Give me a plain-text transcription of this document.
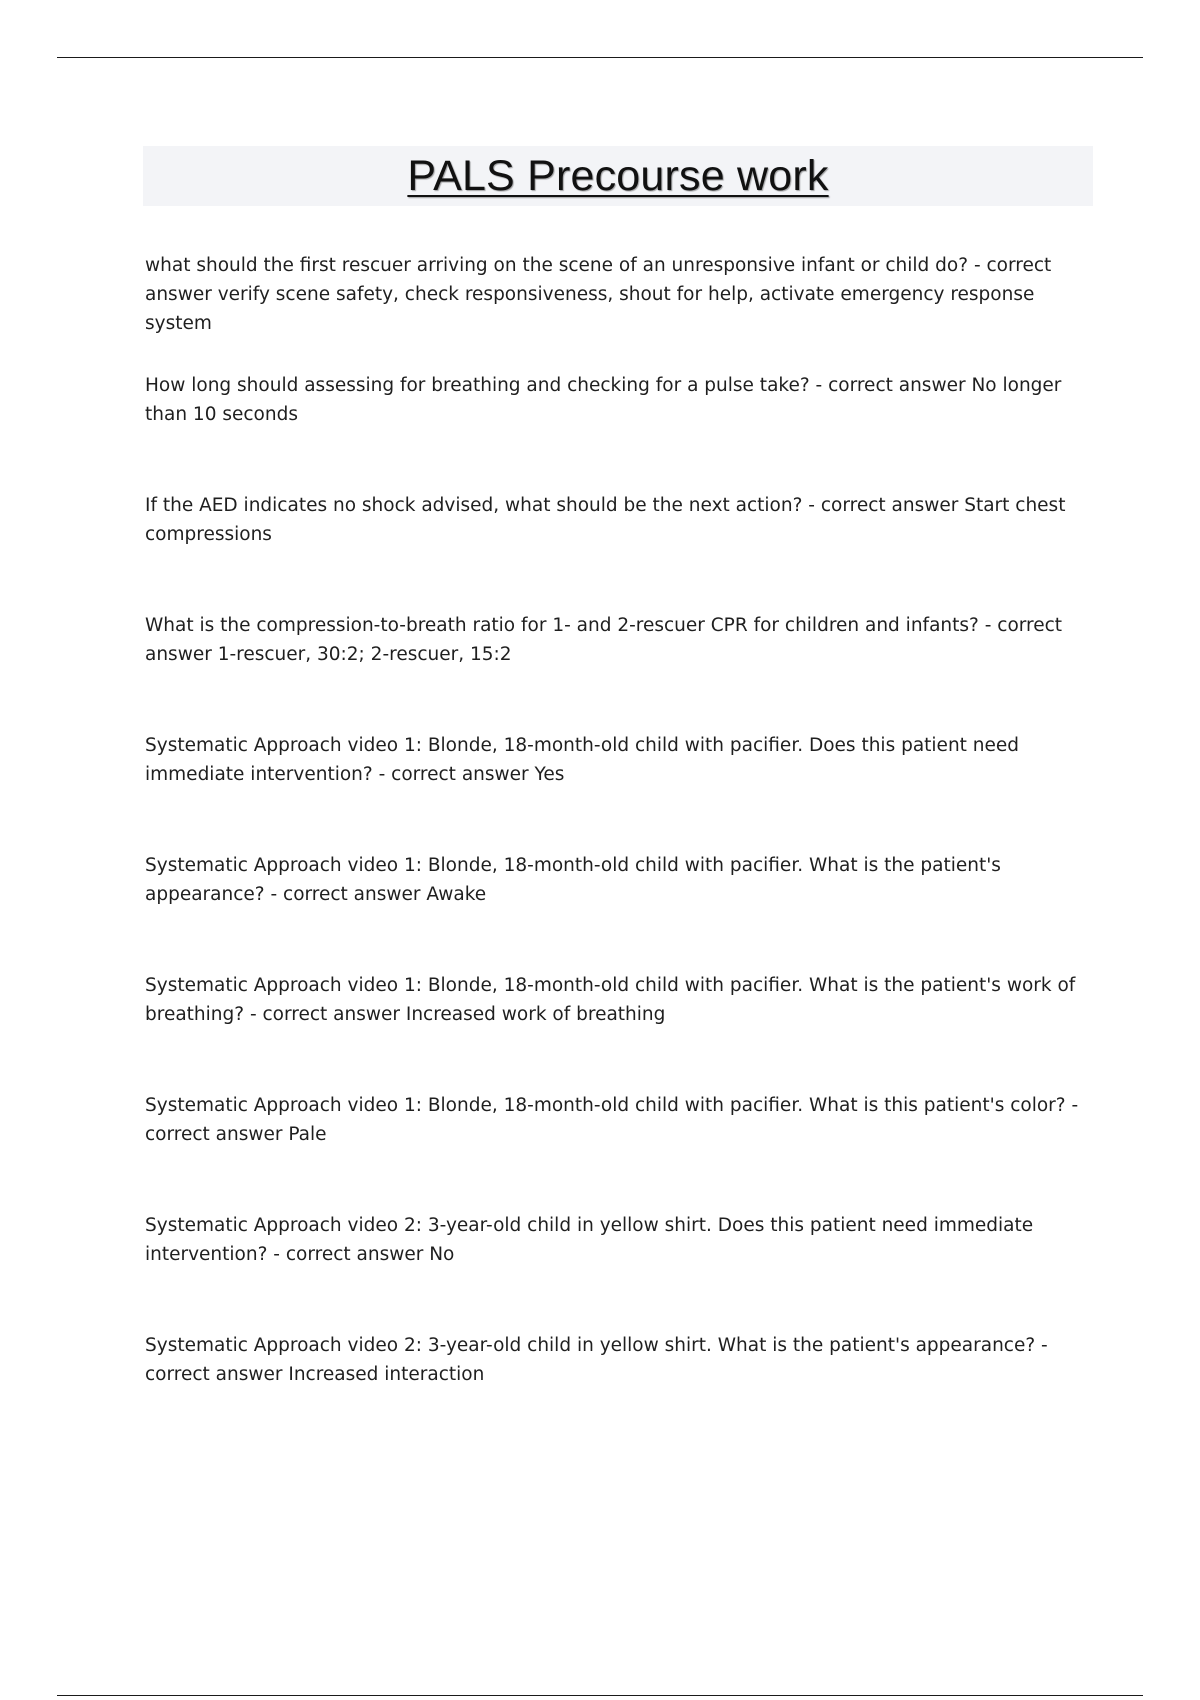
PALS Precourse work

what should the first rescuer arriving on the scene of an unresponsive infant or child do? - correct answer verify scene safety, check responsiveness, shout for help, activate emergency response system

How long should assessing for breathing and checking for a pulse take? - correct answer No longer than 10 seconds

If the AED indicates no shock advised, what should be the next action? - correct answer Start chest compressions

What is the compression-to-breath ratio for 1- and 2-rescuer CPR for children and infants? - correct answer 1-rescuer, 30:2; 2-rescuer, 15:2

Systematic Approach video 1: Blonde, 18-month-old child with pacifier. Does this patient need immediate intervention? - correct answer Yes

Systematic Approach video 1: Blonde, 18-month-old child with pacifier. What is the patient's appearance? - correct answer Awake

Systematic Approach video 1: Blonde, 18-month-old child with pacifier. What is the patient's work of breathing? - correct answer Increased work of breathing

Systematic Approach video 1: Blonde, 18-month-old child with pacifier. What is this patient's color? - correct answer Pale

Systematic Approach video 2: 3-year-old child in yellow shirt. Does this patient need immediate intervention? - correct answer No

Systematic Approach video 2: 3-year-old child in yellow shirt. What is the patient's appearance? - correct answer Increased interaction
